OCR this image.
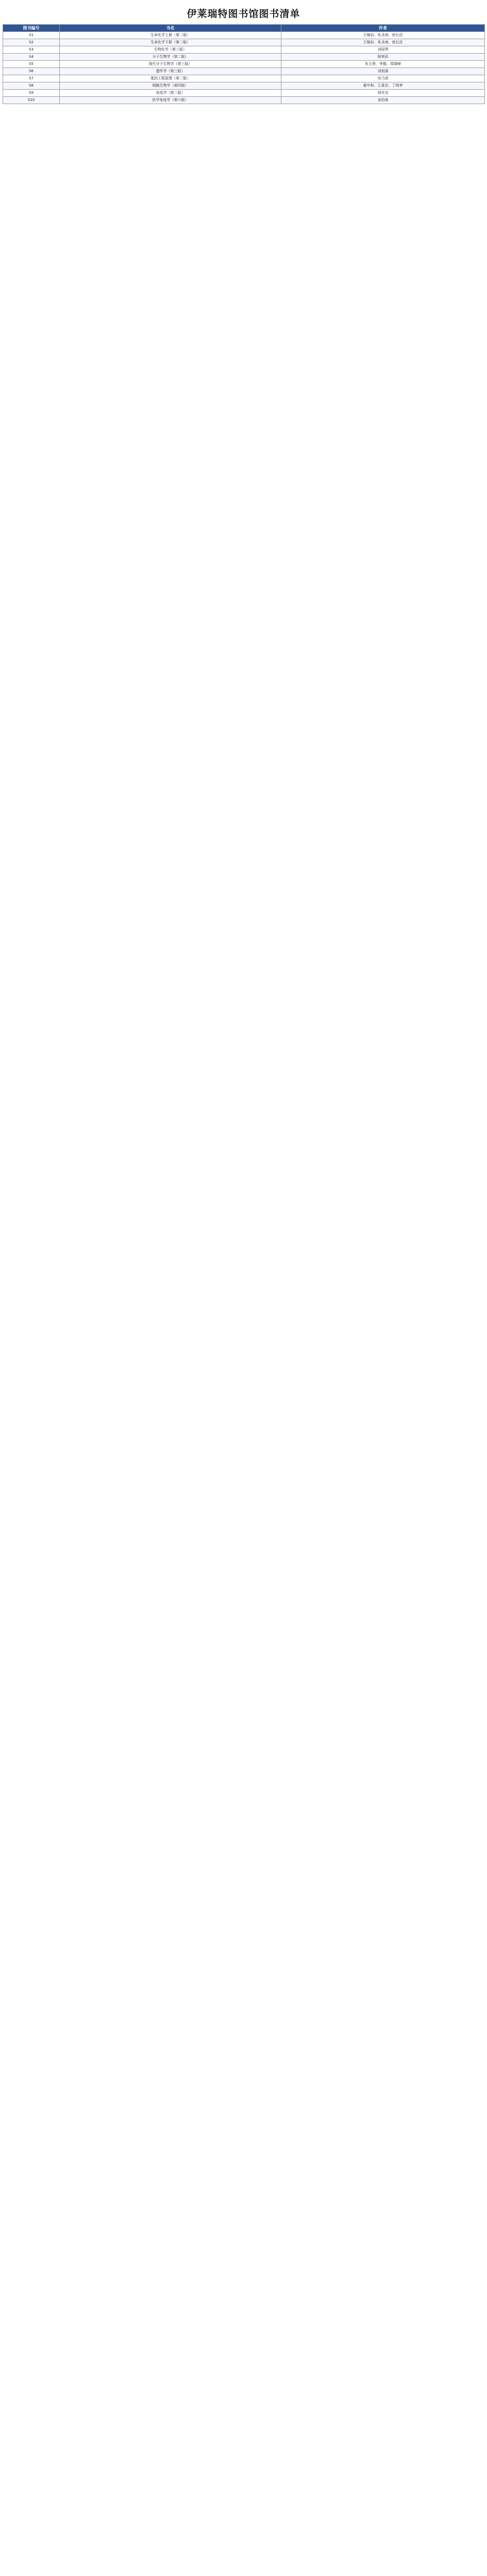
伊莱瑞特图书馆图书清单
图书编号	书名	作者
S1	生命化学上册（第二版）	王镜岩、朱圣庚、徐长法
S2	生命化学下册（第二版）	王镜岩、朱圣庚、徐长法
S3	生物化学（第三版）	刘国琴
S4	分子生物学（第二版）	杨荣武
S5	现代分子生物学（第三版）	朱玉贤、李毅、郑晓峰
S6	遗传学（第三版）	刘祖洞
S7	基因工程原理（第二版）	吴乃虎
S8	细胞生物学（第四版）	翟中和、王喜忠、丁明孝
S9	免疫学（第二版）	周光炎
S10	医学免疫学（第六版）	金伯泉
